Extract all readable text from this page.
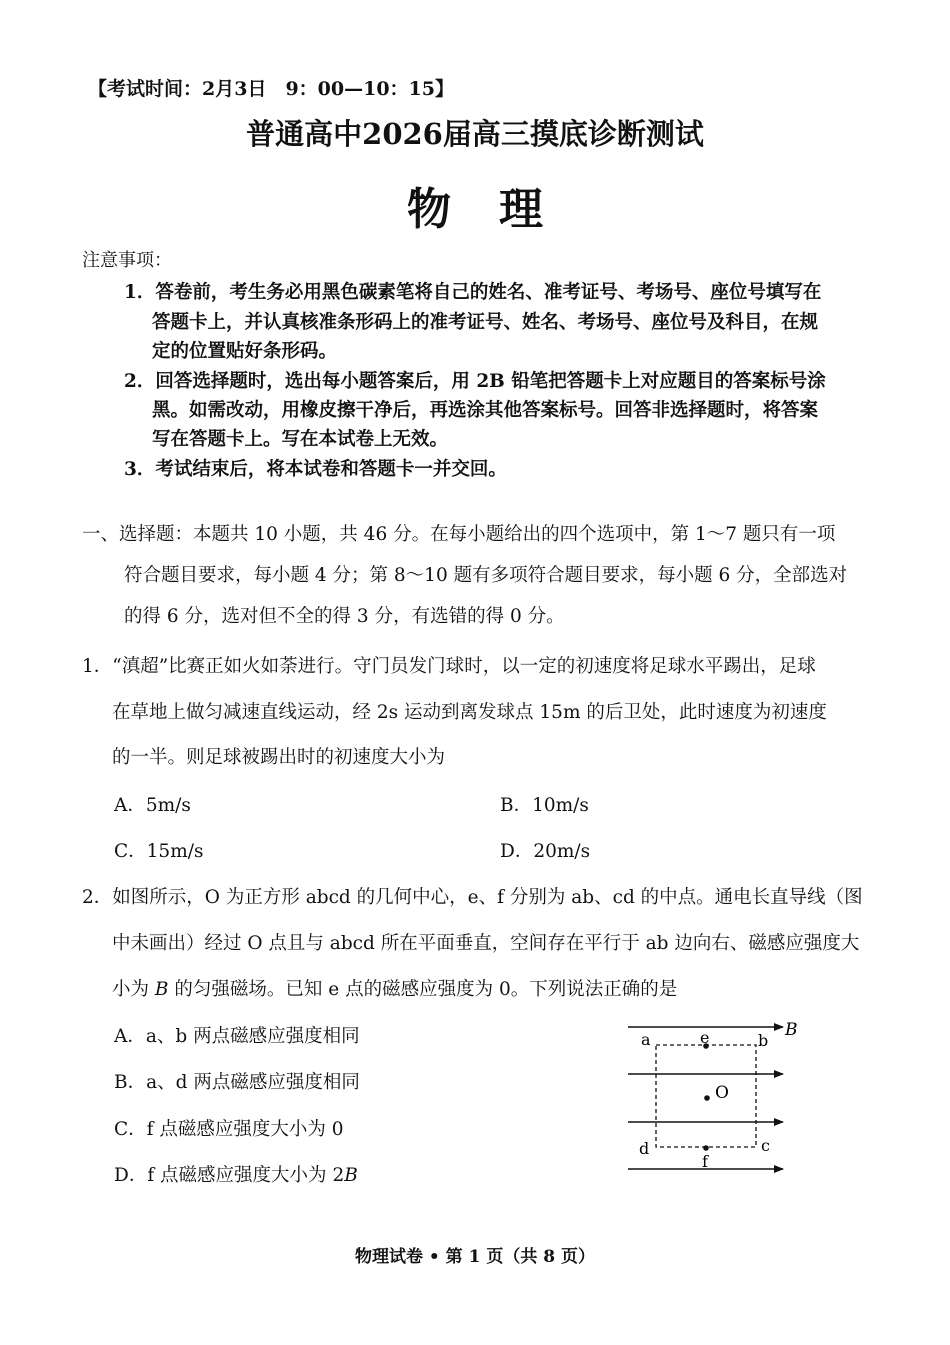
【考试时间：2月3日　9：00—10：15】
普通高中2026届高三摸底诊断测试
物理
注意事项：
1．答卷前，考生务必用黑色碳素笔将自己的姓名、准考证号、考场号、座位号填写在
答题卡上，并认真核准条形码上的准考证号、姓名、考场号、座位号及科目，在规
定的位置贴好条形码。
2．回答选择题时，选出每小题答案后，用 2B 铅笔把答题卡上对应题目的答案标号涂
黑。如需改动，用橡皮擦干净后，再选涂其他答案标号。回答非选择题时，将答案
写在答题卡上。写在本试卷上无效。
3．考试结束后，将本试卷和答题卡一并交回。
一、选择题：本题共 10 小题，共 46 分。在每小题给出的四个选项中，第 1～7 题只有一项
符合题目要求，每小题 4 分；第 8～10 题有多项符合题目要求，每小题 6 分，全部选对
的得 6 分，选对但不全的得 3 分，有选错的得 0 分。
1．“滇超”比赛正如火如荼进行。守门员发门球时，以一定的初速度将足球水平踢出，足球
在草地上做匀减速直线运动，经 2s 运动到离发球点 15m 的后卫处，此时速度为初速度
的一半。则足球被踢出时的初速度大小为
A．5m/s	B．10m/s
C．15m/s	D．20m/s
2．如图所示，O 为正方形 abcd 的几何中心，e、f 分别为 ab、cd 的中点。通电长直导线（图
中未画出）经过 O 点且与 abcd 所在平面垂直，空间存在平行于 ab 边向右、磁感应强度大
小为 B 的匀强磁场。已知 e 点的磁感应强度为 0。下列说法正确的是
A．a、b 两点磁感应强度相同
B．a、d 两点磁感应强度相同
C．f 点磁感应强度大小为 0
D．f 点磁感应强度大小为 2B
a	e	b
B
O
d	c
f
物理试卷 • 第 1 页（共 8 页）
